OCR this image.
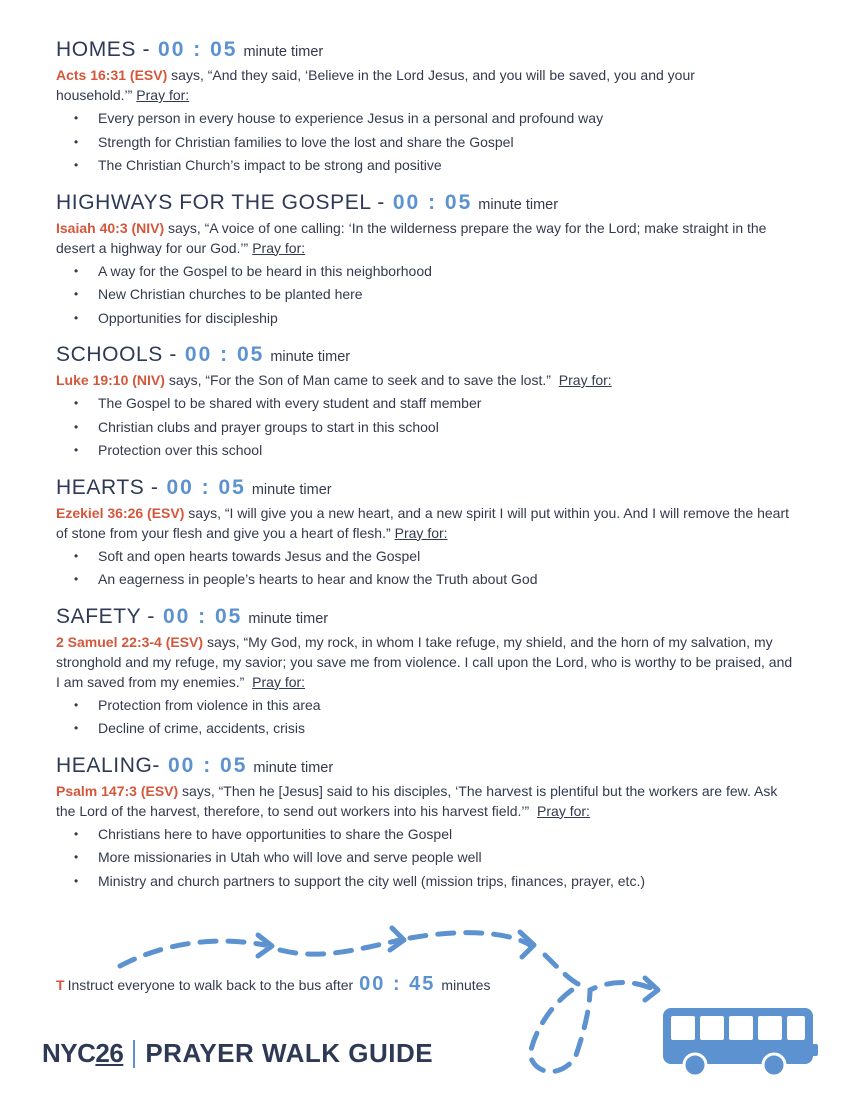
HOMES - 00 : 05 minute timer

Acts 16:31 (ESV) says, “And they said, ‘Believe in the Lord Jesus, and you will be saved, you and your household.’” Pray for:

• Every person in every house to experience Jesus in a personal and profound way
• Strength for Christian families to love the lost and share the Gospel
• The Christian Church’s impact to be strong and positive
HIGHWAYS FOR THE GOSPEL - 00 : 05 minute timer

Isaiah 40:3 (NIV) says, “A voice of one calling: ‘In the wilderness prepare the way for the Lord; make straight in the desert a highway for our God.’” Pray for:

• A way for the Gospel to be heard in this neighborhood
• New Christian churches to be planted here
• Opportunities for discipleship
SCHOOLS - 00 : 05 minute timer

Luke 19:10 (NIV) says, “For the Son of Man came to seek and to save the lost.” Pray for:

• The Gospel to be shared with every student and staff member
• Christian clubs and prayer groups to start in this school
• Protection over this school
HEARTS - 00 : 05 minute timer

Ezekiel 36:26 (ESV) says, “I will give you a new heart, and a new spirit I will put within you. And I will remove the heart of stone from your flesh and give you a heart of flesh.” Pray for:

• Soft and open hearts towards Jesus and the Gospel
• An eagerness in people’s hearts to hear and know the Truth about God
SAFETY - 00 : 05 minute timer

2 Samuel 22:3-4 (ESV) says, “My God, my rock, in whom I take refuge, my shield, and the horn of my salvation, my stronghold and my refuge, my savior; you save me from violence. I call upon the Lord, who is worthy to be praised, and I am saved from my enemies.” Pray for:

• Protection from violence in this area
• Decline of crime, accidents, crisis
HEALING- 00 : 05 minute timer

Psalm 147:3 (ESV) says, “Then he [Jesus] said to his disciples, ‘The harvest is plentiful but the workers are few. Ask the Lord of the harvest, therefore, to send out workers into his harvest field.’” Pray for:

• Christians here to have opportunities to share the Gospel
• More missionaries in Utah who will love and serve people well
• Ministry and church partners to support the city well (mission trips, finances, prayer, etc.)
T Instruct everyone to walk back to the bus after 00 : 45 minutes
NYC26 PRAYER WALK GUIDE
